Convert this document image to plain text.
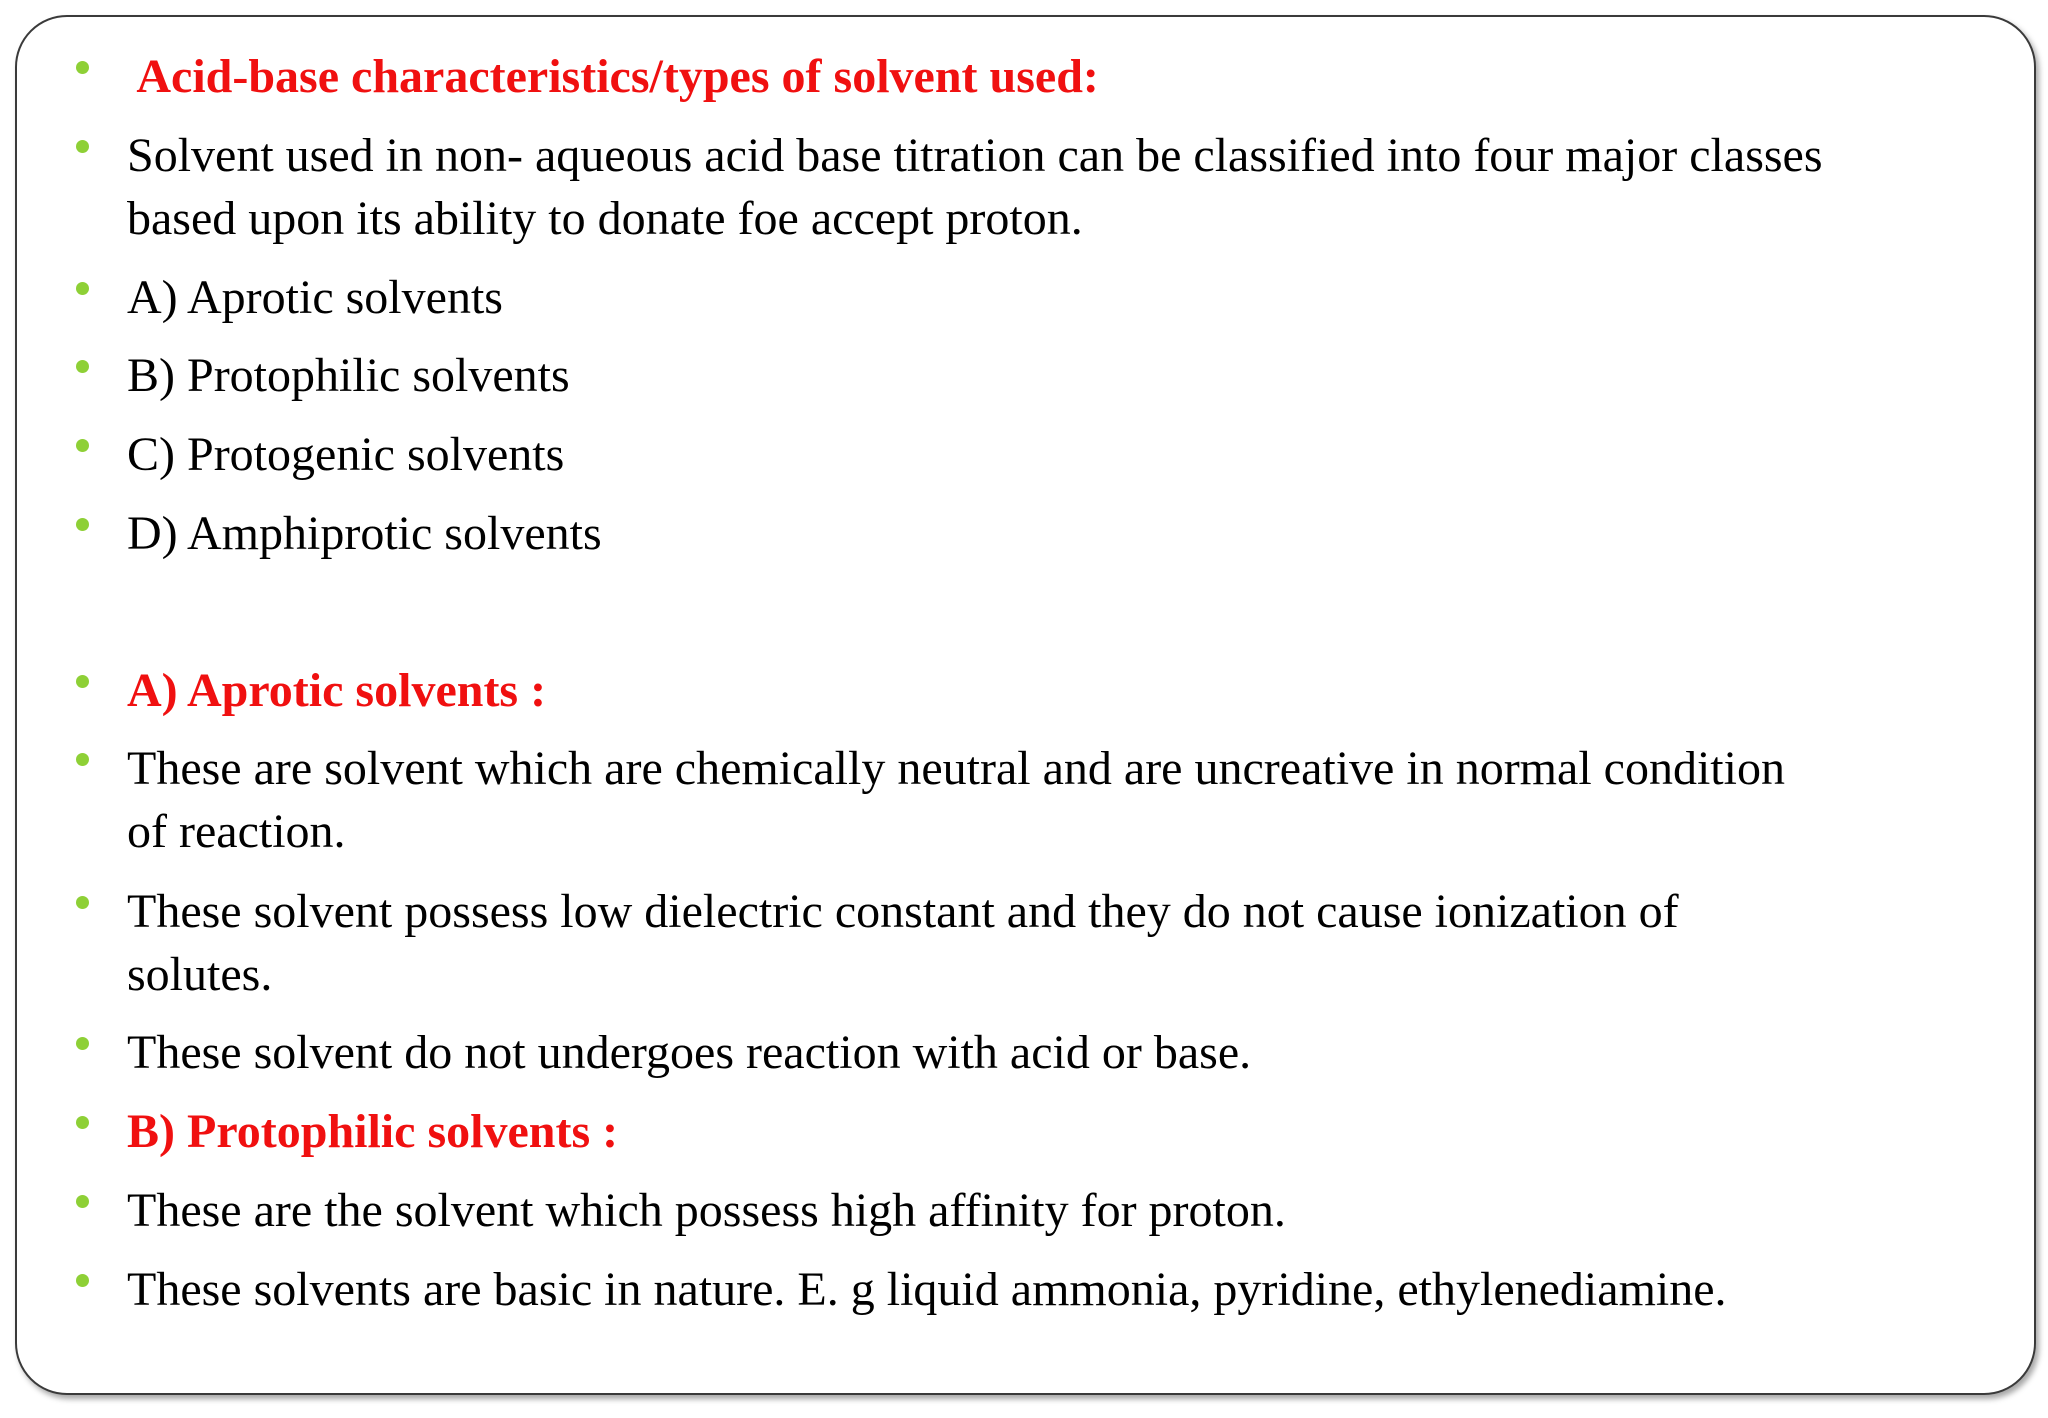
Acid-base characteristics/types of solvent used:

Solvent used in non- aqueous acid base titration can be classified into four major classes
based upon its ability to donate foe accept proton.

A) Aprotic solvents

B) Protophilic solvents

C) Protogenic solvents

D) Amphiprotic solvents

A) Aprotic solvents :

These are solvent which are chemically neutral and are uncreative in normal condition
of reaction.

These solvent possess low dielectric constant and they do not cause ionization of
solutes.

These solvent do not undergoes reaction with acid or base.

B) Protophilic solvents :

These are the solvent which possess high affinity for proton.

These solvents are basic in nature. E. g liquid ammonia, pyridine, ethylenediamine.
